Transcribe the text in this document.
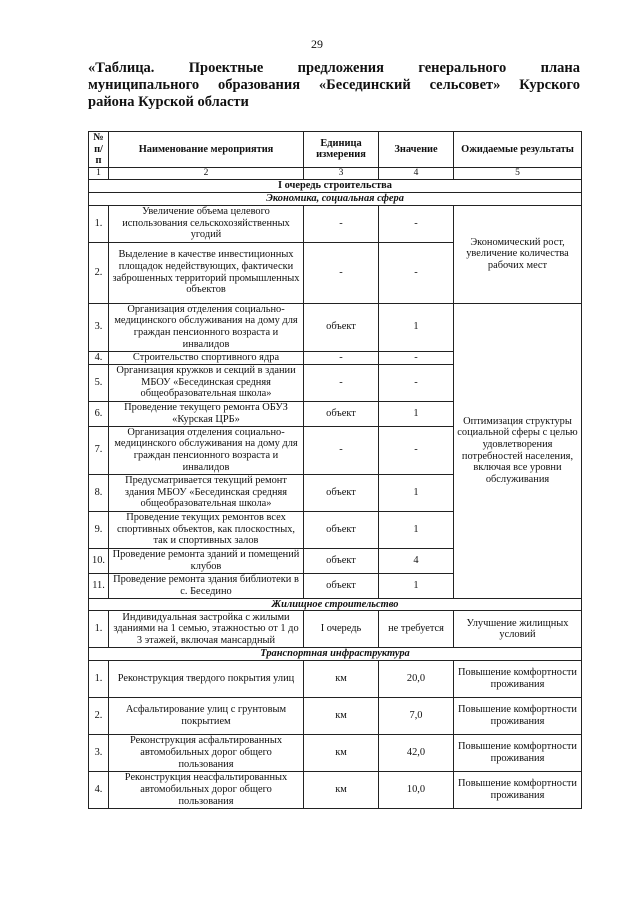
29
«Таблица. Проектные предложения генерального плана
муниципального образования «Бесединский сельсовет» Курского
района Курской области
№ п/п	Наименование мероприятия	Единица измерения	Значение	Ожидаемые результаты
1	2	3	4	5
I очередь строительства				
Экономика, социальная сфера				
1.	Увеличение объема целевого использования сельскохозяйственных угодий	-	-	Экономический рост, увеличение количества рабочих мест
2.	Выделение в качестве инвестиционных площадок недействующих, фактически заброшенных территорий промышленных объектов	-	-	
3.	Организация отделения социально-медицинского обслуживания на дому для граждан пенсионного возраста и инвалидов	объект	1	Оптимизация структуры социальной сферы с целью удовлетворения потребностей населения, включая все уровни обслуживания
4.	Строительство спортивного ядра	-	-	
5.	Организация кружков и секций в здании МБОУ «Бесединская средняя общеобразовательная школа»	-	-	
6.	Проведение текущего ремонта ОБУЗ «Курская ЦРБ»	объект	1	
7.	Организация отделения социально-медицинского обслуживания на дому для граждан пенсионного возраста и инвалидов	-	-	
8.	Предусматривается текущий ремонт здания МБОУ «Бесединская средняя общеобразовательная школа»	объект	1	
9.	Проведение текущих ремонтов всех спортивных объектов, как плоскостных, так и спортивных залов	объект	1	
10.	Проведение ремонта зданий и помещений клубов	объект	4	
11.	Проведение ремонта здания библиотеки в с. Беседино	объект	1	
Жилищное строительство				
1.	Индивидуальная застройка с жилыми зданиями на 1 семью, этажностью от 1 до 3 этажей, включая мансардный	I очередь	не требуется	Улучшение жилищных условий
Транспортная инфраструктура				
1.	Реконструкция твердого покрытия улиц	км	20,0	Повышение комфортности проживания
2.	Асфальтирование улиц с грунтовым покрытием	км	7,0	Повышение комфортности проживания
3.	Реконструкция асфальтированных автомобильных дорог общего пользования	км	42,0	Повышение комфортности проживания
4.	Реконструкция неасфальтированных автомобильных дорог общего пользования	км	10,0	Повышение комфортности проживания
